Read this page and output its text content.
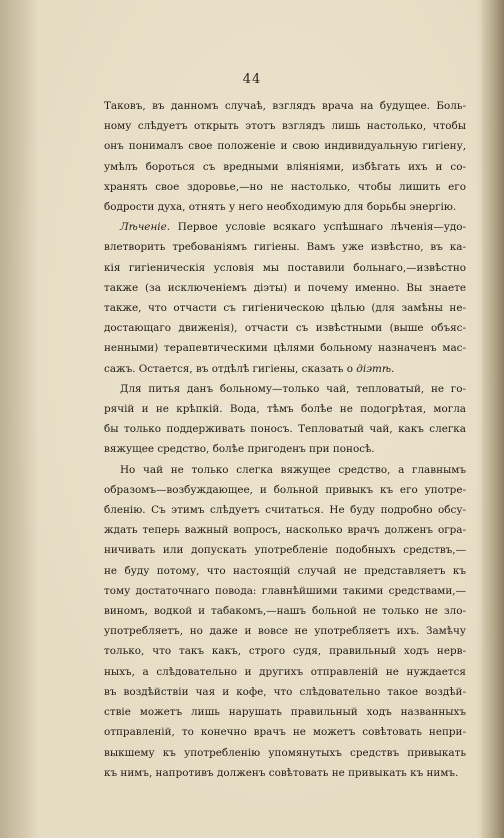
44

Таковъ, въ данномъ случаѣ, взглядъ врача на будущее. Боль-

ному слѣдуетъ открыть этотъ взглядъ лишь настолько, чтобы

онъ понималъ свое положеніе и свою индивидуальную гигіену,

умѣлъ бороться съ вредными вліяніями, избѣгать ихъ и со-

хранять свое здоровье,—но не настолько, чтобы лишить его

бодрости духа, отнять у него необходимую для борьбы энергію.

Лѣченіе. Первое условіе всякаго успѣшнаго лѣченія—удо-

влетворить требованіямъ гигіены. Вамъ уже извѣстно, въ ка-

кія гигіеническія условія мы поставили больнаго,—извѣстно

также (за исключеніемъ діэты) и почему именно. Вы знаете

также, что отчасти съ гигіеническою цѣлью (для замѣны не-

достающаго движенія), отчасти съ извѣстными (выше объяс-

ненными) терапевтическими цѣлями больному назначенъ мас-

сажъ. Остается, въ отдѣлѣ гигіены, сказать о діэтѣ.

Для питья данъ больному—только чай, тепловатый, не го-

рячій и не крѣпкій. Вода, тѣмъ болѣе не подогрѣтая, могла

бы только поддерживать поносъ. Тепловатый чай, какъ слегка

вяжущее средство, болѣе пригоденъ при поносѣ.

Но чай не только слегка вяжущее средство, а главнымъ

образомъ—возбуждающее, и больной привыкъ къ его употре-

бленію. Съ этимъ слѣдуетъ считаться. Не буду подробно обсу-

ждать теперь важный вопросъ, насколько врачъ долженъ огра-

ничивать или допускать употребленіе подобныхъ средствъ,—

не буду потому, что настоящій случай не представляетъ къ

тому достаточнаго повода: главнѣйшими такими средствами,—

виномъ, водкой и табакомъ,—нашъ больной не только не зло-

употребляетъ, но даже и вовсе не употребляетъ ихъ. Замѣчу

только, что такъ какъ, строго судя, правильный ходъ нерв-

ныхъ, а слѣдовательно и другихъ отправленій не нуждается

въ воздѣйствіи чая и кофе, что слѣдовательно такое воздѣй-

ствіе можетъ лишь нарушать правильный ходъ названныхъ

отправленій, то конечно врачъ не можетъ совѣтовать непри-

выкшему къ употребленію упомянутыхъ средствъ привыкать

къ нимъ, напротивъ долженъ совѣтовать не привыкать къ нимъ.
